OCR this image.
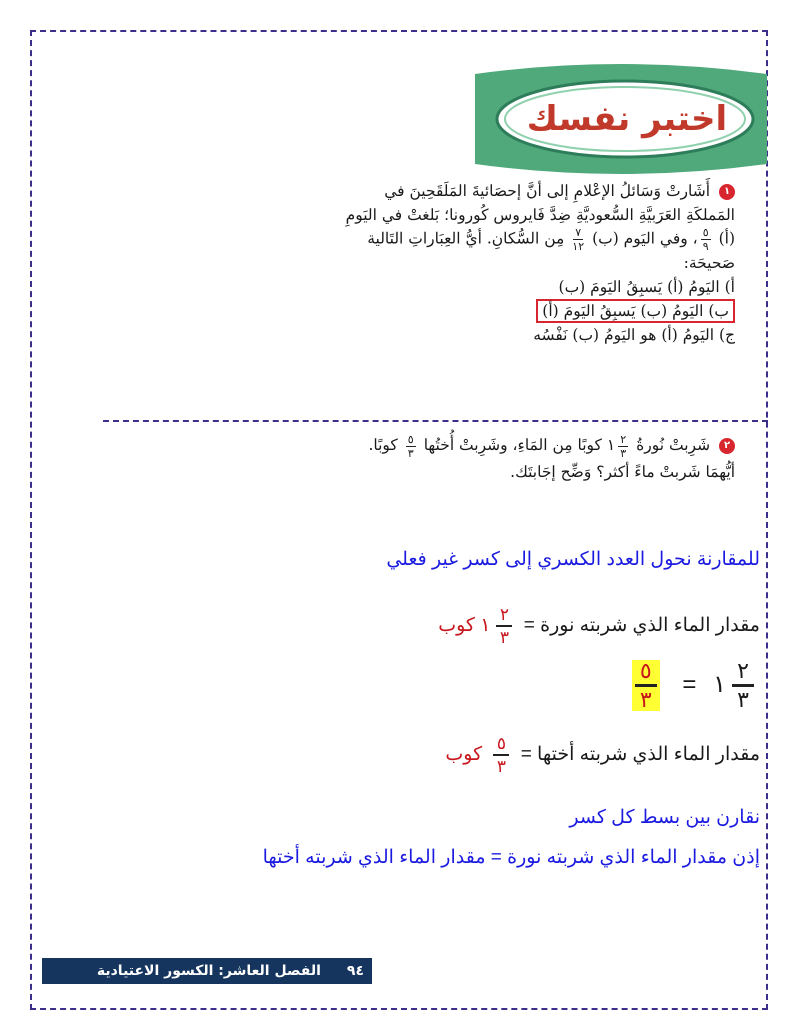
اختبر نفسك
١ أَشَارتْ وَسَائلُ الإعْلامِ إلى أنَّ إحصَائيةَ المَلَقَحِينَ في المَملكَةِ العَرَبيَّةِ السُّعوديَّةِ ضِدَّ فَايروس كُورونا؛ بَلغتْ في اليَومِ (أ)
$\frac{٥}{٩}$
، وفي اليَوم (ب)
$\frac{٧}{١٢}$
مِن السُّكانِ. أيُّ العِبَاراتِ التَالية صَحيحَة:
أ) اليَومُ (أ) يَسبِقُ اليَومَ (ب)
ب) اليَومُ (ب) يَسبِقُ اليَومَ (أ)
ج) اليَومُ (أ) هو اليَومُ (ب) نَفْسُه
٢ شَرِبتْ نُورةُ
$\frac{٢}{٣}$
١ كوبًا مِن المَاءِ، وشَرِبتْ أُختُها
$\frac{٥}{٣}$
كوبًا. أيُّهمَا شَربتْ ماءً أكثر؟ وَضِّح إجَابتَك.
للمقارنة نحول العدد الكسري إلى كسر غير فعلي
مقدار الماء الذي شربته نورة =
٢
٣
١ كوب
٢
٣
١ =
٥
٣
مقدار الماء الذي شربته أختها =
٥
٣
كوب
نقارن بين بسط كل كسر
إذن مقدار الماء الذي شربته نورة = مقدار الماء الذي شربته أختها
٩٤
الفصل العاشر: الكسور الاعتيادية
